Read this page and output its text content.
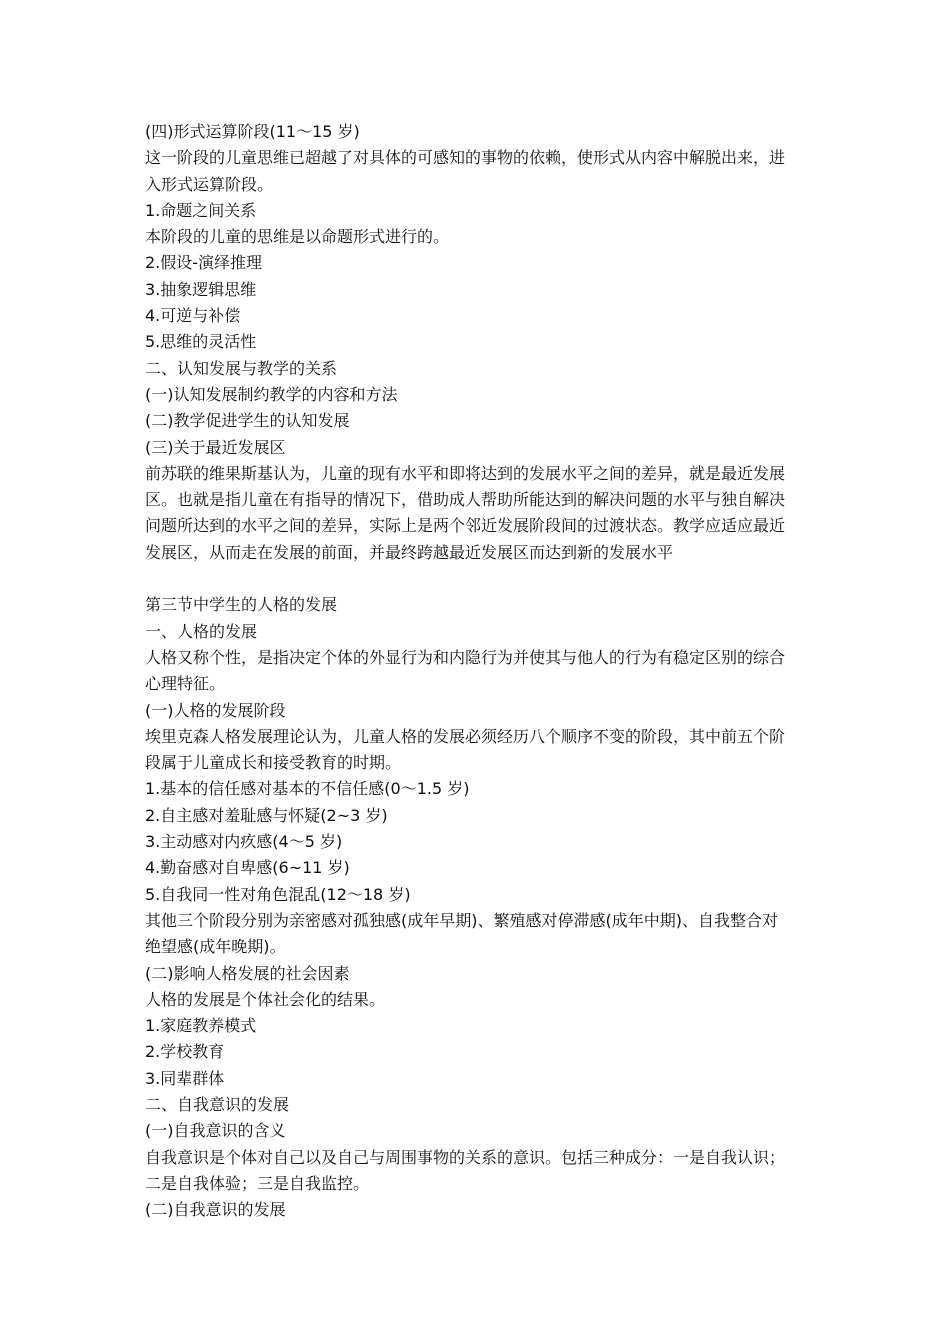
(四)形式运算阶段(11～15 岁)
这一阶段的儿童思维已超越了对具体的可感知的事物的依赖，使形式从内容中解脱出来，进
入形式运算阶段。
1.命题之间关系
本阶段的儿童的思维是以命题形式进行的。
2.假设-演绎推理
3.抽象逻辑思维
4.可逆与补偿
5.思维的灵活性
二、认知发展与教学的关系
(一)认知发展制约教学的内容和方法
(二)教学促进学生的认知发展
(三)关于最近发展区
前苏联的维果斯基认为，儿童的现有水平和即将达到的发展水平之间的差异，就是最近发展
区。也就是指儿童在有指导的情况下，借助成人帮助所能达到的解决问题的水平与独自解决
问题所达到的水平之间的差异，实际上是两个邻近发展阶段间的过渡状态。教学应适应最近
发展区，从而走在发展的前面，并最终跨越最近发展区而达到新的发展水平
第三节中学生的人格的发展
一、人格的发展
人格又称个性，是指决定个体的外显行为和内隐行为并使其与他人的行为有稳定区别的综合
心理特征。
(一)人格的发展阶段
埃里克森人格发展理论认为，儿童人格的发展必须经历八个顺序不变的阶段，其中前五个阶
段属于儿童成长和接受教育的时期。
1.基本的信任感对基本的不信任感(0～1.5 岁)
2.自主感对羞耻感与怀疑(2~3 岁)
3.主动感对内疚感(4～5 岁)
4.勤奋感对自卑感(6~11 岁)
5.自我同一性对角色混乱(12～18 岁)
其他三个阶段分别为亲密感对孤独感(成年早期)、繁殖感对停滞感(成年中期)、自我整合对
绝望感(成年晚期)。
(二)影响人格发展的社会因素
人格的发展是个体社会化的结果。
1.家庭教养模式
2.学校教育
3.同辈群体
二、自我意识的发展
(一)自我意识的含义
自我意识是个体对自己以及自己与周围事物的关系的意识。包括三种成分：一是自我认识；
二是自我体验；三是自我监控。
(二)自我意识的发展
